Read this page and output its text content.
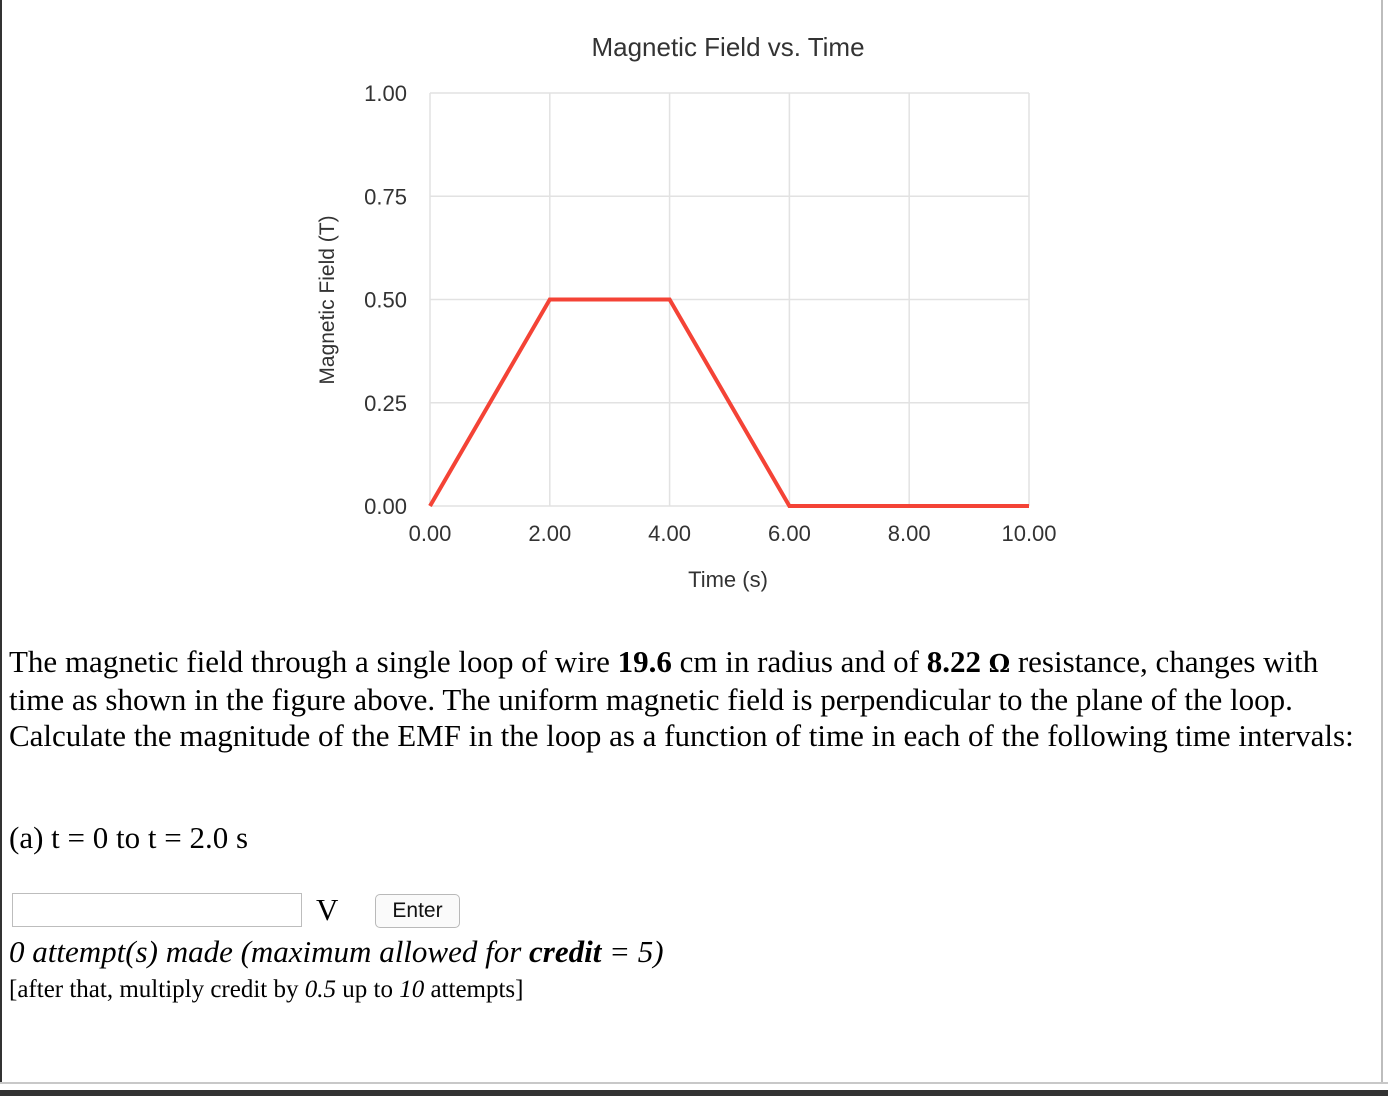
Magnetic Field vs. Time
0.00
0.25
0.50
0.75
1.00
0.00	2.00	4.00	6.00	8.00	10.00
Time (s)
Magnetic Field (T)
The magnetic field through a single loop of wire 19.6 cm in radius and of 8.22 Ω resistance, changes with time as shown in the figure above. The uniform magnetic field is perpendicular to the plane of the loop. Calculate the magnitude of the EMF in the loop as a function of time in each of the following time intervals:
(a) t = 0 to t = 2.0 s
V	Enter
0 attempt(s) made (maximum allowed for credit = 5)
[after that, multiply credit by 0.5 up to 10 attempts]
